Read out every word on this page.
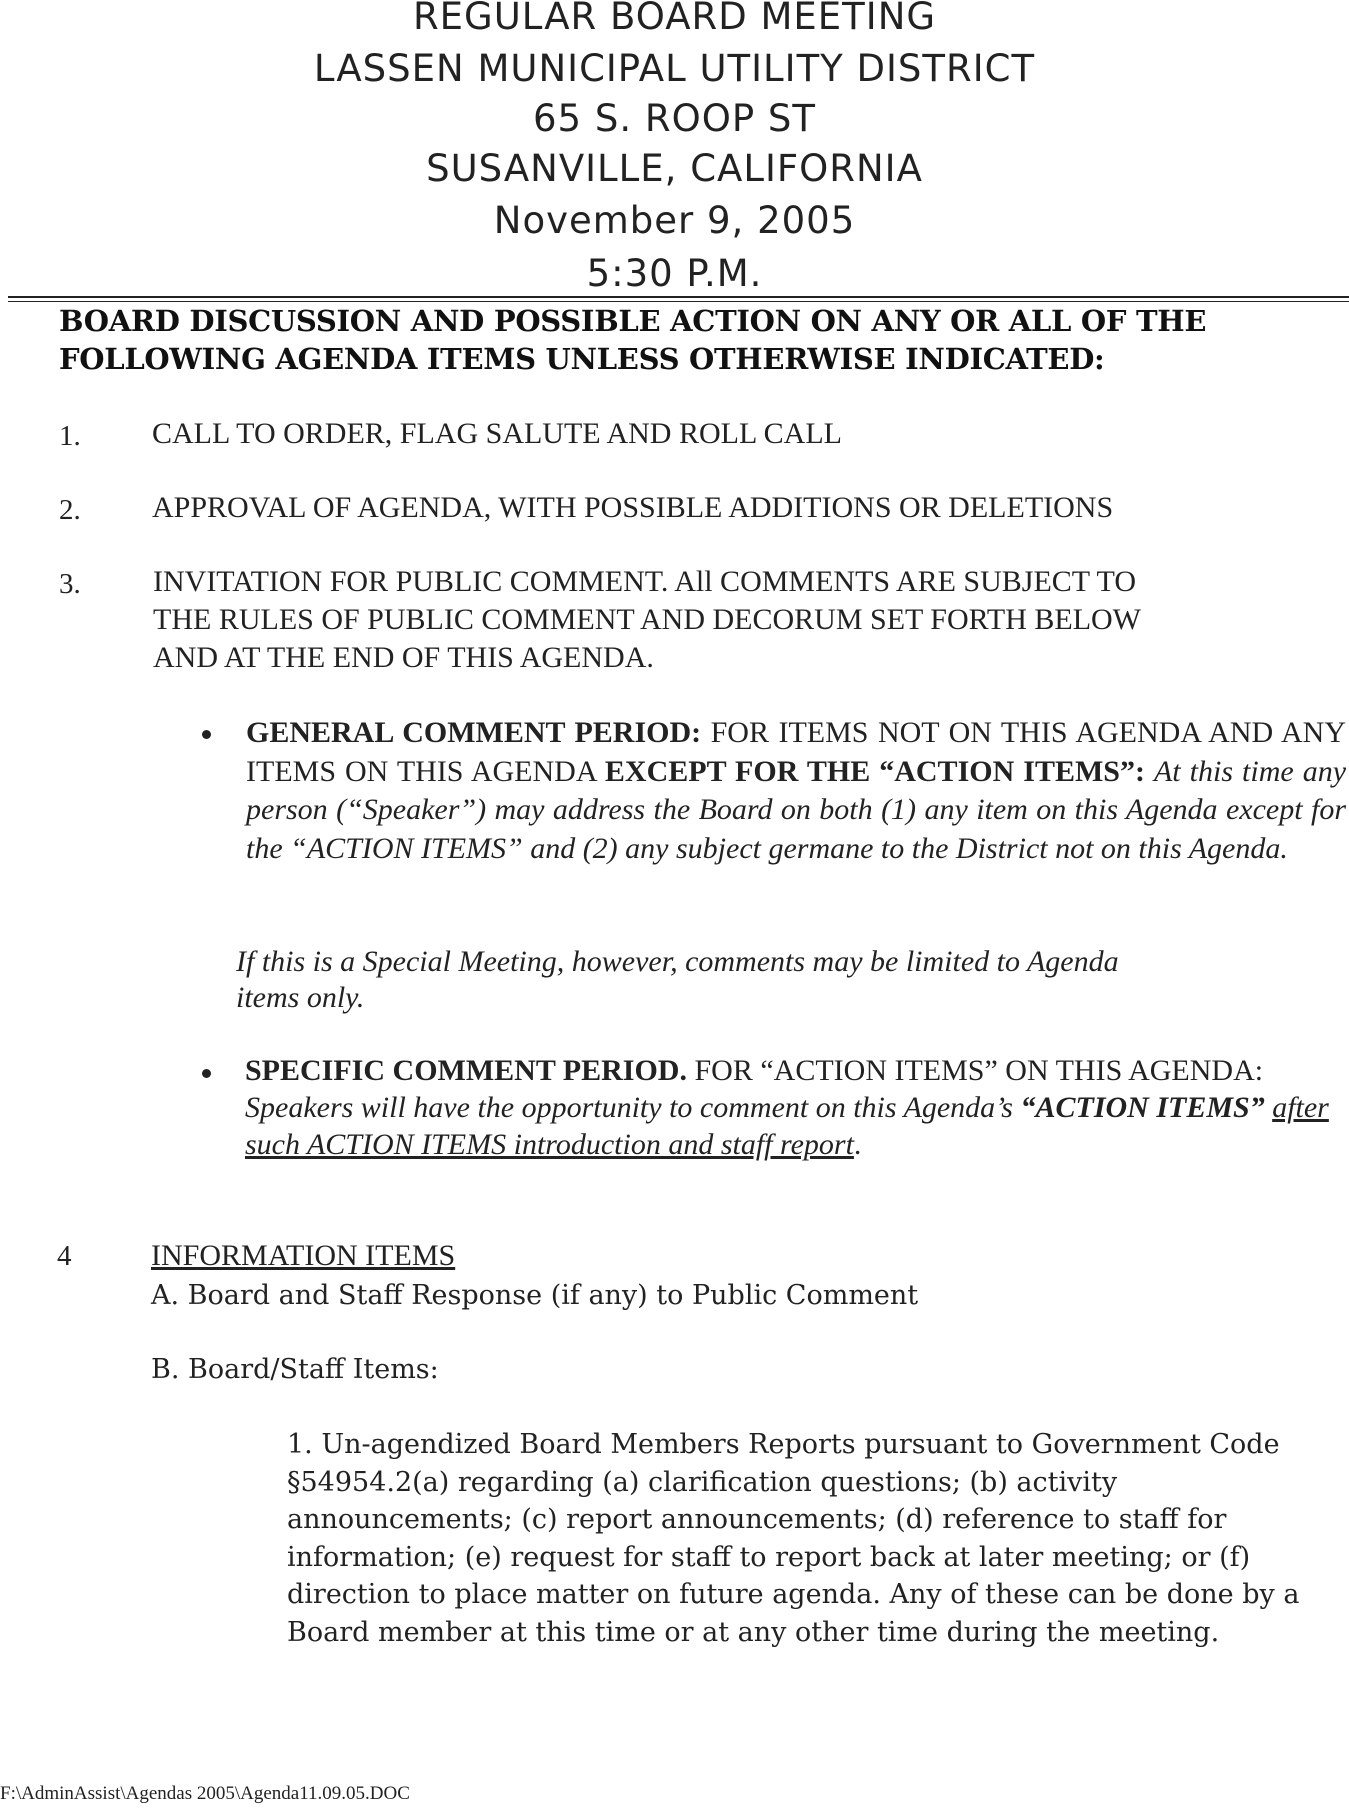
REGULAR BOARD MEETING
LASSEN MUNICIPAL UTILITY DISTRICT
65 S. ROOP ST
SUSANVILLE, CALIFORNIA
November 9, 2005
5:30 P.M.
BOARD DISCUSSION AND POSSIBLE ACTION ON ANY OR ALL OF THE FOLLOWING AGENDA ITEMS UNLESS OTHERWISE INDICATED:
1. CALL TO ORDER, FLAG SALUTE AND ROLL CALL
2. APPROVAL OF AGENDA, WITH POSSIBLE ADDITIONS OR DELETIONS
3. INVITATION FOR PUBLIC COMMENT. All COMMENTS ARE SUBJECT TO
THE RULES OF PUBLIC COMMENT AND DECORUM SET FORTH BELOW
AND AT THE END OF THIS AGENDA.
GENERAL COMMENT PERIOD: FOR ITEMS NOT ON THIS AGENDA AND ANY ITEMS ON THIS AGENDA EXCEPT FOR THE “ACTION ITEMS”: At this time any person (“Speaker”) may address the Board on both (1) any item on this Agenda except for the “ACTION ITEMS” and (2) any subject germane to the District not on this Agenda.
If this is a Special Meeting, however, comments may be limited to Agenda
items only.
SPECIFIC COMMENT PERIOD. FOR “ACTION ITEMS” ON THIS AGENDA: Speakers will have the opportunity to comment on this Agenda’s “ACTION ITEMS” after such ACTION ITEMS introduction and staff report.
4	INFORMATION ITEMS
A. Board and Staff Response (if any) to Public Comment
B. Board/Staff Items:
1. Un-agendized Board Members Reports pursuant to Government Code §54954.2(a) regarding (a) clarification questions; (b) activity announcements; (c) report announcements; (d) reference to staff for information; (e) request for staff to report back at later meeting; or (f) direction to place matter on future agenda. Any of these can be done by a Board member at this time or at any other time during the meeting.
F:\AdminAssist\Agendas 2005\Agenda11.09.05.DOC
